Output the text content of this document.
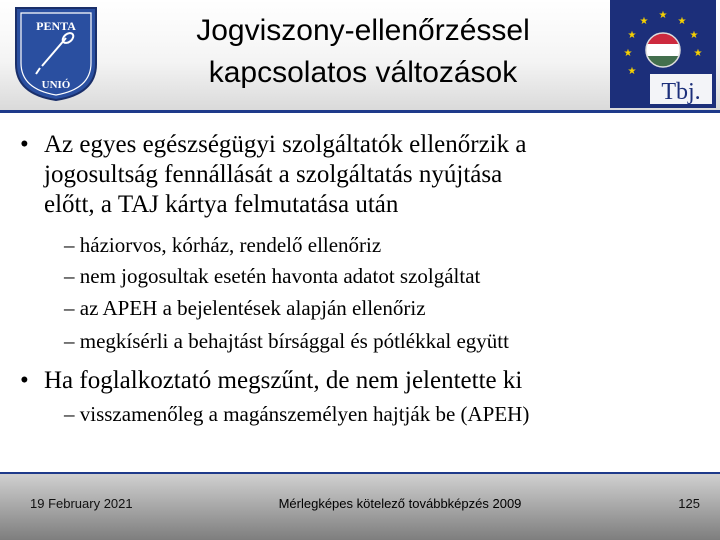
PENTA
UNIÓ
Jogviszony-ellenőrzéssel
kapcsolatos változások
★
★
★
★
★
★
★
★
Tbj.
• Az egyes egészségügyi szolgáltatók ellenőrzik a
jogosultság fennállását a szolgáltatás nyújtása
előtt, a TAJ kártya felmutatása után
– háziorvos, kórház, rendelő ellenőriz
– nem jogosultak esetén havonta adatot szolgáltat
– az APEH a bejelentések alapján ellenőriz
– megkísérli a behajtást bírsággal és pótlékkal együtt
• Ha foglalkoztató megszűnt, de nem jelentette ki
– visszamenőleg a magánszemélyen hajtják be (APEH)
19 February 2021	Mérlegképes kötelező továbbképzés 2009	125
